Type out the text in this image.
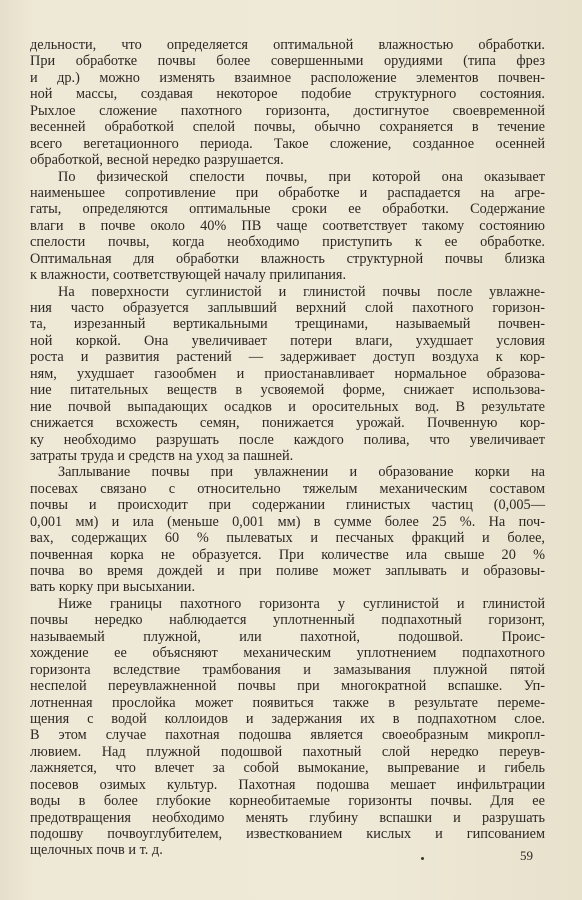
дельности, что определяется оптимальной влажностью обработки.
При обработке почвы более совершенными орудиями (типа фрез
и др.) можно изменять взаимное расположение элементов почвен-
ной массы, создавая некоторое подобие структурного состояния.
Рыхлое сложение пахотного горизонта, достигнутое своевременной
весенней обработкой спелой почвы, обычно сохраняется в течение
всего вегетационного периода. Такое сложение, созданное осенней
обработкой, весной нередко разрушается.
По физической спелости почвы, при которой она оказывает
наименьшее сопротивление при обработке и распадается на агре-
гаты, определяются оптимальные сроки ее обработки. Содержание
влаги в почве около 40% ПВ чаще соответствует такому состоянию
спелости почвы, когда необходимо приступить к ее обработке.
Оптимальная для обработки влажность структурной почвы близка
к влажности, соответствующей началу прилипания.
На поверхности суглинистой и глинистой почвы после увлажне-
ния часто образуется заплывший верхний слой пахотного горизон-
та, изрезанный вертикальными трещинами, называемый почвен-
ной коркой. Она увеличивает потери влаги, ухудшает условия
роста и развития растений — задерживает доступ воздуха к кор-
ням, ухудшает газообмен и приостанавливает нормальное образова-
ние питательных веществ в усвояемой форме, снижает использова-
ние почвой выпадающих осадков и оросительных вод. В результате
снижается всхожесть семян, понижается урожай. Почвенную кор-
ку необходимо разрушать после каждого полива, что увеличивает
затраты труда и средств на уход за пашней.
Заплывание почвы при увлажнении и образование корки на
посевах связано с относительно тяжелым механическим составом
почвы и происходит при содержании глинистых частиц (0,005—
0,001 мм) и ила (меньше 0,001 мм) в сумме более 25 %. На поч-
вах, содержащих 60 % пылеватых и песчаных фракций и более,
почвенная корка не образуется. При количестве ила свыше 20 %
почва во время дождей и при поливе может заплывать и образовы-
вать корку при высыхании.
Ниже границы пахотного горизонта у суглинистой и глинистой
почвы нередко наблюдается уплотненный подпахотный горизонт,
называемый плужной, или пахотной, подошвой. Проис-
хождение ее объясняют механическим уплотнением подпахотного
горизонта вследствие трамбования и замазывания плужной пятой
неспелой переувлажненной почвы при многократной вспашке. Уп-
лотненная прослойка может появиться также в результате переме-
щения с водой коллоидов и задержания их в подпахотном слое.
В этом случае пахотная подошва является своеобразным микропл-
лювием. Над плужной подошвой пахотный слой нередко переув-
лажняется, что влечет за собой вымокание, выпревание и гибель
посевов озимых культур. Пахотная подошва мешает инфильтрации
воды в более глубокие корнеобитаемые горизонты почвы. Для ее
предотвращения необходимо менять глубину вспашки и разрушать
подошву почвоуглубителем, известкованием кислых и гипсованием
щелочных почв и т. д.	59
